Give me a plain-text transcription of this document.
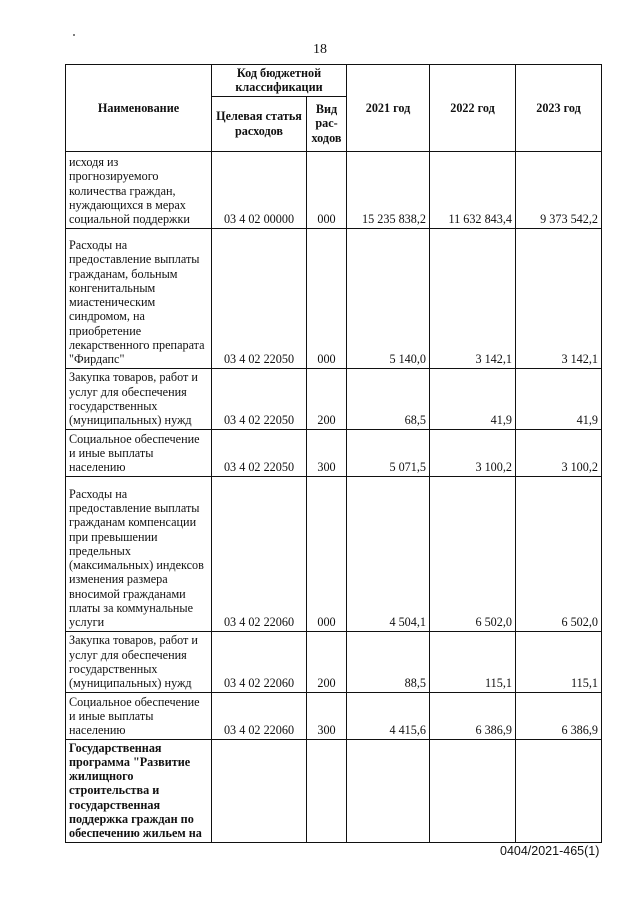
18
Наименование	Код бюджетной классификации		2021 год	2022 год	2023 год
	Целевая статья расходов	Вид рас-ходов			
исходя из прогнозируемого количества граждан, нуждающихся в мерах социальной поддержки	03 4 02 00000	000	15 235 838,2	11 632 843,4	9 373 542,2
Расходы на предоставление выплаты гражданам, больным конгенитальным миастеническим синдромом, на приобретение лекарственного препарата "Фирдапс"	03 4 02 22050	000	5 140,0	3 142,1	3 142,1
Закупка товаров, работ и услуг для обеспечения государственных (муниципальных) нужд	03 4 02 22050	200	68,5	41,9	41,9
Социальное обеспечение и иные выплаты населению	03 4 02 22050	300	5 071,5	3 100,2	3 100,2
Расходы на предоставление выплаты гражданам компенсации при превышении предельных (максимальных) индексов изменения размера вносимой гражданами платы за коммунальные услуги	03 4 02 22060	000	4 504,1	6 502,0	6 502,0
Закупка товаров, работ и услуг для обеспечения государственных (муниципальных) нужд	03 4 02 22060	200	88,5	115,1	115,1
Социальное обеспечение и иные выплаты населению	03 4 02 22060	300	4 415,6	6 386,9	6 386,9
Государственная программа "Развитие жилищного строительства и государственная поддержка граждан по обеспечению жильем на					
0404/2021-465(1)
